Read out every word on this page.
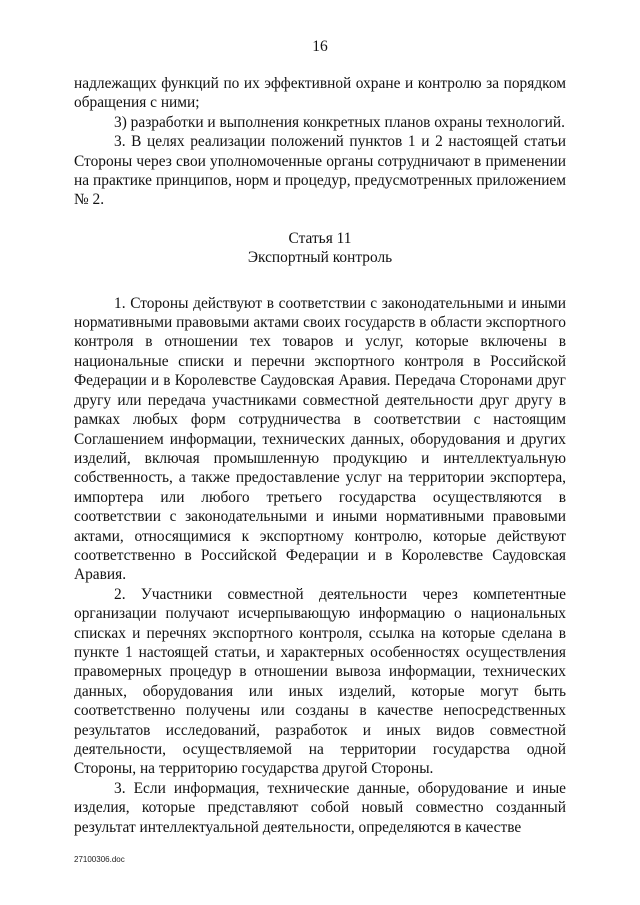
16

надлежащих функций по их эффективной охране и контролю за порядком обращения с ними;

3) разработки и выполнения конкретных планов охраны технологий.

3. В целях реализации положений пунктов 1 и 2 настоящей статьи Стороны через свои уполномоченные органы сотрудничают в применении на практике принципов, норм и процедур, предусмотренных приложением № 2.

Статья 11
Экспортный контроль

1. Стороны действуют в соответствии с законодательными и иными нормативными правовыми актами своих государств в области экспортного контроля в отношении тех товаров и услуг, которые включены в национальные списки и перечни экспортного контроля в Российской Федерации и в Королевстве Саудовская Аравия. Передача Сторонами друг другу или передача участниками совместной деятельности друг другу в рамках любых форм сотрудничества в соответствии с настоящим Соглашением информации, технических данных, оборудования и других изделий, включая промышленную продукцию и интеллектуальную собственность, а также предоставление услуг на территории экспортера, импортера или любого третьего государства осуществляются в соответствии с законодательными и иными нормативными правовыми актами, относящимися к экспортному контролю, которые действуют соответственно в Российской Федерации и в Королевстве Саудовская Аравия.

2. Участники совместной деятельности через компетентные организации получают исчерпывающую информацию о национальных списках и перечнях экспортного контроля, ссылка на которые сделана в пункте 1 настоящей статьи, и характерных особенностях осуществления правомерных процедур в отношении вывоза информации, технических данных, оборудования или иных изделий, которые могут быть соответственно получены или созданы в качестве непосредственных результатов исследований, разработок и иных видов совместной деятельности, осуществляемой на территории государства одной Стороны, на территорию государства другой Стороны.

3. Если информация, технические данные, оборудование и иные изделия, которые представляют собой новый совместно созданный результат интеллектуальной деятельности, определяются в качестве

27100306.doc
